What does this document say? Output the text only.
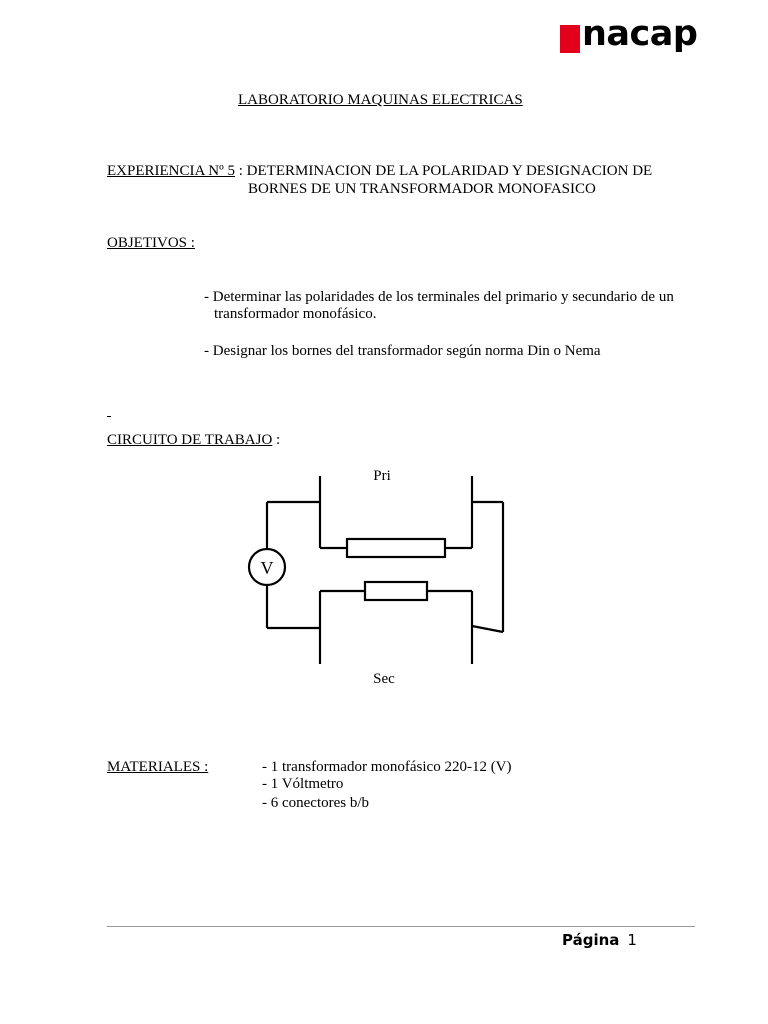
nacap
LABORATORIO MAQUINAS ELECTRICAS
EXPERIENCIA Nº 5 : DETERMINACION DE LA POLARIDAD Y DESIGNACION DE
BORNES DE UN TRANSFORMADOR MONOFASICO
OBJETIVOS :
- Determinar las polaridades de los terminales del primario y secundario de un
transformador monofásico.
- Designar los bornes del transformador según norma Din o Nema
CIRCUITO DE TRABAJO :
V
Pri
Sec
MATERIALES :	- 1 transformador monofásico 220-12 (V)
- 1 Vóltmetro
- 6 conectores b/b
Página 1
